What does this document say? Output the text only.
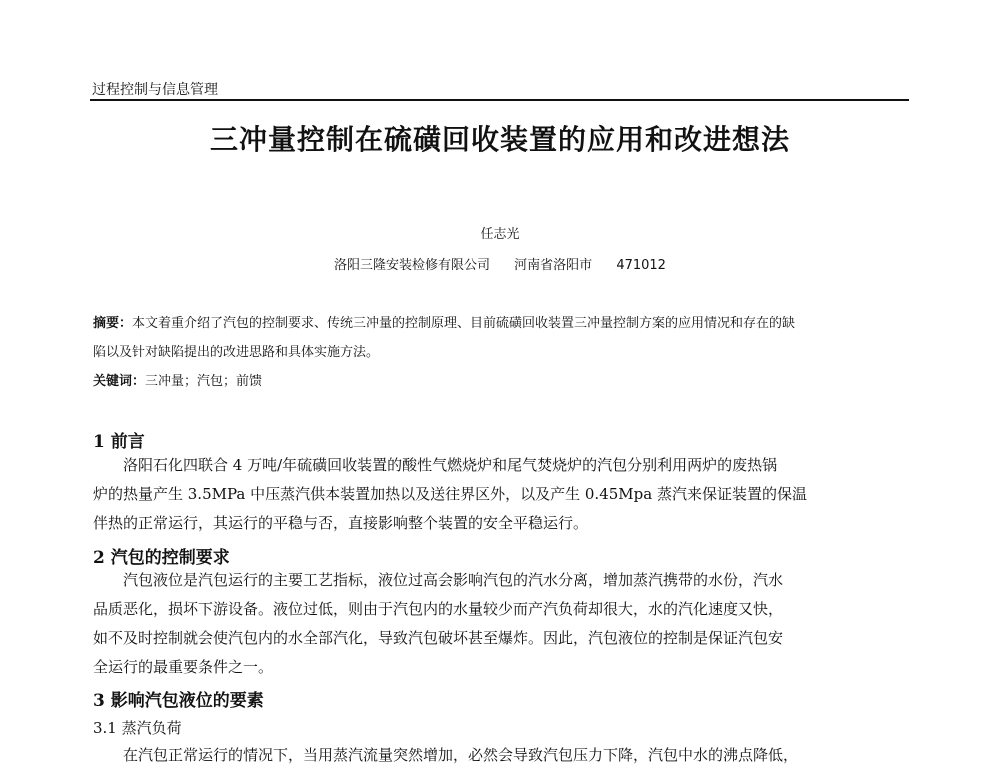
过程控制与信息管理
三冲量控制在硫磺回收装置的应用和改进想法
任志光
洛阳三隆安装检修有限公司 河南省洛阳市 471012

摘要：本文着重介绍了汽包的控制要求、传统三冲量的控制原理、目前硫磺回收装置三冲量控制方案的应用情况和存在的缺

陷以及针对缺陷提出的改进思路和具体实施方法。

关键词：三冲量；汽包；前馈

1 前言

洛阳石化四联合 4 万吨/年硫磺回收装置的酸性气燃烧炉和尾气焚烧炉的汽包分别利用两炉的废热锅

炉的热量产生 3.5MPa 中压蒸汽供本装置加热以及送往界区外，以及产生 0.45Mpa 蒸汽来保证装置的保温

伴热的正常运行，其运行的平稳与否，直接影响整个装置的安全平稳运行。

2 汽包的控制要求

汽包液位是汽包运行的主要工艺指标，液位过高会影响汽包的汽水分离，增加蒸汽携带的水份，汽水

品质恶化，损坏下游设备。液位过低，则由于汽包内的水量较少而产汽负荷却很大，水的汽化速度又快，

如不及时控制就会使汽包内的水全部汽化，导致汽包破坏甚至爆炸。因此，汽包液位的控制是保证汽包安

全运行的最重要条件之一。

3 影响汽包液位的要素
3.1 蒸汽负荷

在汽包正常运行的情况下，当用蒸汽流量突然增加，必然会导致汽包压力下降，汽包中水的沸点降低，
